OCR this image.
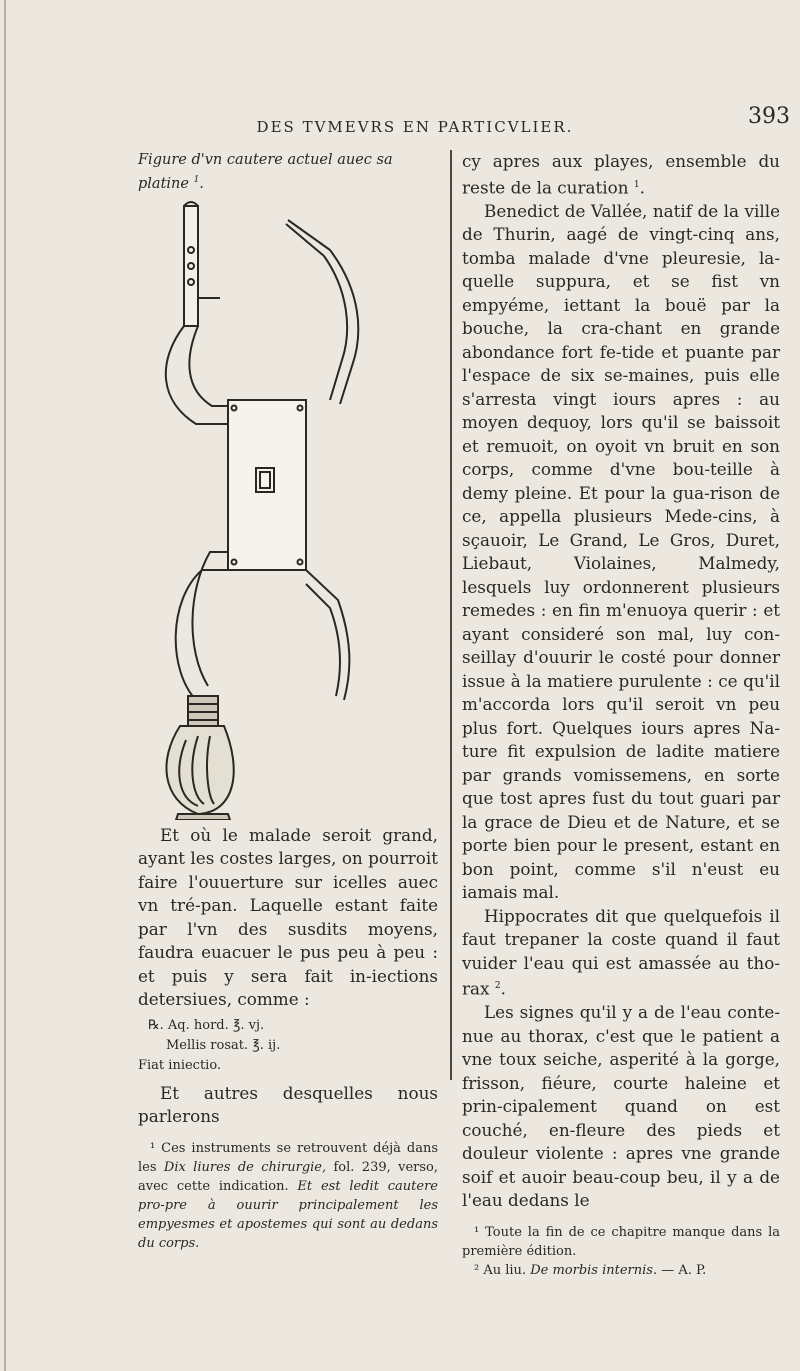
DES TVMEVRS EN PARTICVLIER.	393

Figure d'vn cautere actuel auec sa platine $^1$.

Et où le malade seroit grand, ayant les costes larges, on pourroit faire l'ouuerture sur icelles auec vn tré-pan. Laquelle estant faite par l'vn des susdits moyens, faudra euacuer le pus peu à peu : et puis y sera fait in-iections detersiues, comme :

℞. Aq. hord. ℥. vj.
Mellis rosat. ℥. ij.
Fiat iniectio.

Et autres desquelles nous parlerons

¹ Ces instruments se retrouvent déjà dans les Dix liures de chirurgie, fol. 239, verso, avec cette indication. Et est ledit cautere pro-pre à ouurir principalement les empyesmes et apostemes qui sont au dedans du corps.

cy apres aux playes, ensemble du reste de la curation $^1$.

Benedict de Vallée, natif de la ville de Thurin, aagé de vingt-cinq ans, tomba malade d'vne pleuresie, la-quelle suppura, et se fist vn empyéme, iettant la bouë par la bouche, la cra-chant en grande abondance fort fe-tide et puante par l'espace de six se-maines, puis elle s'arresta vingt iours apres : au moyen dequoy, lors qu'il se baissoit et remuoit, on oyoit vn bruit en son corps, comme d'vne bou-teille à demy pleine. Et pour la gua-rison de ce, appella plusieurs Mede-cins, à sçauoir, Le Grand, Le Gros, Duret, Liebaut, Violaines, Malmedy, lesquels luy ordonnerent plusieurs remedes : en fin m'enuoya querir : et ayant consideré son mal, luy con-seillay d'ouurir le costé pour donner issue à la matiere purulente : ce qu'il m'accorda lors qu'il seroit vn peu plus fort. Quelques iours apres Na-ture fit expulsion de ladite matiere par grands vomissemens, en sorte que tost apres fust du tout guari par la grace de Dieu et de Nature, et se porte bien pour le present, estant en bon point, comme s'il n'eust eu iamais mal.

Hippocrates dit que quelquefois il faut trepaner la coste quand il faut vuider l'eau qui est amassée au tho-rax $^2$.

Les signes qu'il y a de l'eau conte-nue au thorax, c'est que le patient a vne toux seiche, asperité à la gorge, frisson, fiéure, courte haleine et prin-cipalement quand on est couché, en-fleure des pieds et douleur violente : apres vne grande soif et auoir beau-coup beu, il y a de l'eau dedans le

¹ Toute la fin de ce chapitre manque dans la première édition.

² Au liu. De morbis internis. — A. P.
